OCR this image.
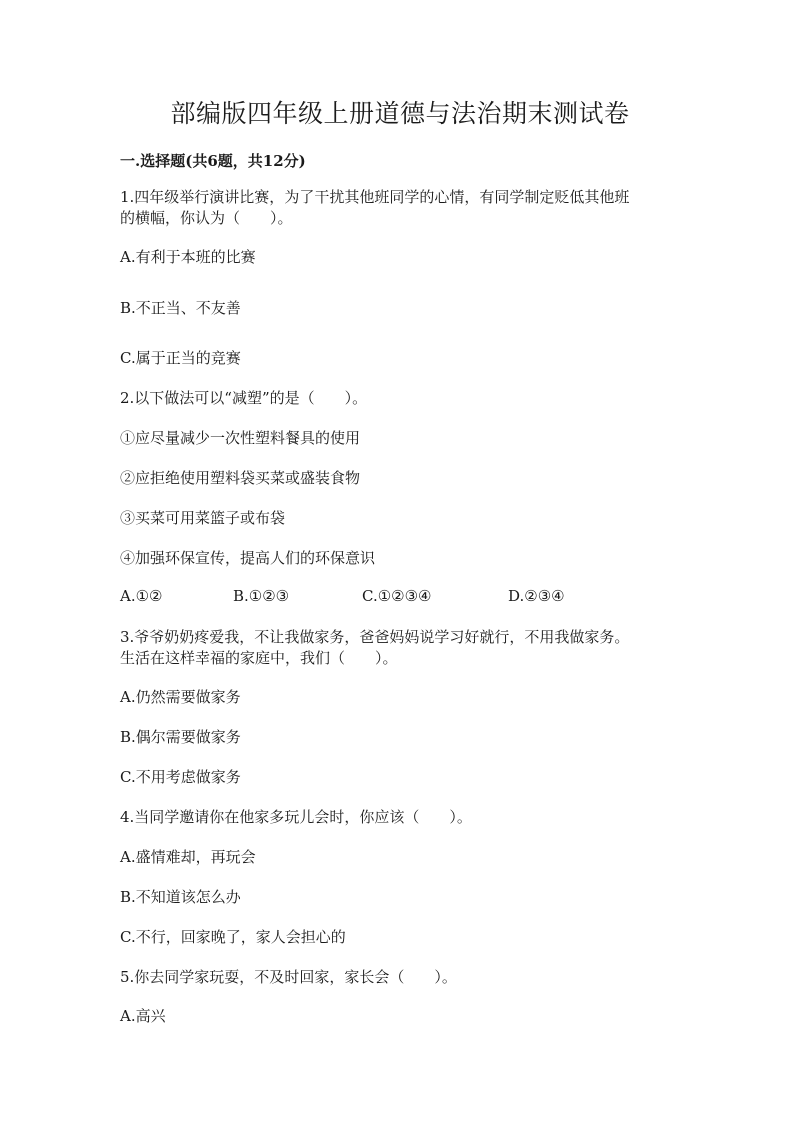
部编版四年级上册道德与法治期末测试卷
一.选择题(共6题，共12分)
1.四年级举行演讲比赛，为了干扰其他班同学的心情，有同学制定贬低其他班
的横幅，你认为（　　）。
A.有利于本班的比赛
B.不正当、不友善
C.属于正当的竞赛
2.以下做法可以“减塑”的是（　　）。
①应尽量减少一次性塑料餐具的使用
②应拒绝使用塑料袋买菜或盛装食物
③买菜可用菜篮子或布袋
④加强环保宣传，提高人们的环保意识
A.①②	B.①②③	C.①②③④	D.②③④
3.爷爷奶奶疼爱我，不让我做家务，爸爸妈妈说学习好就行，不用我做家务。
生活在这样幸福的家庭中，我们（　　）。
A.仍然需要做家务
B.偶尔需要做家务
C.不用考虑做家务
4.当同学邀请你在他家多玩儿会时，你应该（　　）。
A.盛情难却，再玩会
B.不知道该怎么办
C.不行，回家晚了，家人会担心的
5.你去同学家玩耍，不及时回家，家长会（　　）。
A.高兴
